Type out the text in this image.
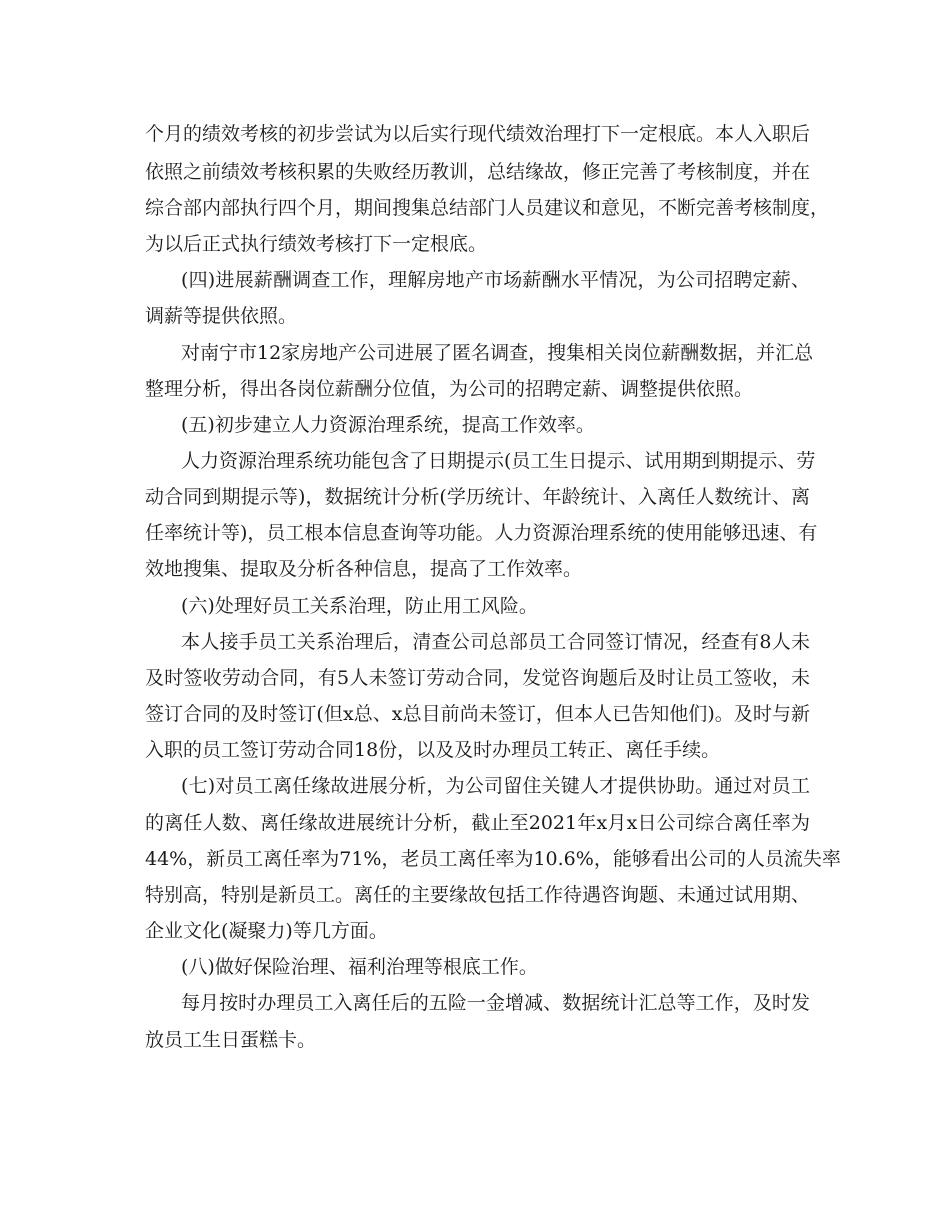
个月的绩效考核的初步尝试为以后实行现代绩效治理打下一定根底。本人入职后
依照之前绩效考核积累的失败经历教训，总结缘故，修正完善了考核制度，并在
综合部内部执行四个月，期间搜集总结部门人员建议和意见，不断完善考核制度，
为以后正式执行绩效考核打下一定根底。
(四)进展薪酬调查工作，理解房地产市场薪酬水平情况，为公司招聘定薪、
调薪等提供依照。
对南宁市12家房地产公司进展了匿名调查，搜集相关岗位薪酬数据，并汇总
整理分析，得出各岗位薪酬分位值，为公司的招聘定薪、调整提供依照。
(五)初步建立人力资源治理系统，提高工作效率。
人力资源治理系统功能包含了日期提示(员工生日提示、试用期到期提示、劳
动合同到期提示等)，数据统计分析(学历统计、年龄统计、入离任人数统计、离
任率统计等)，员工根本信息查询等功能。人力资源治理系统的使用能够迅速、有
效地搜集、提取及分析各种信息，提高了工作效率。
(六)处理好员工关系治理，防止用工风险。
本人接手员工关系治理后，清查公司总部员工合同签订情况，经查有8人未
及时签收劳动合同，有5人未签订劳动合同，发觉咨询题后及时让员工签收，未
签订合同的及时签订(但x总、x总目前尚未签订，但本人已告知他们)。及时与新
入职的员工签订劳动合同18份，以及及时办理员工转正、离任手续。
(七)对员工离任缘故进展分析，为公司留住关键人才提供协助。通过对员工
的离任人数、离任缘故进展统计分析，截止至2021年x月x日公司综合离任率为
44%，新员工离任率为71%，老员工离任率为10.6%，能够看出公司的人员流失率
特别高，特别是新员工。离任的主要缘故包括工作待遇咨询题、未通过试用期、
企业文化(凝聚力)等几方面。
(八)做好保险治理、福利治理等根底工作。
每月按时办理员工入离任后的五险一金增减、数据统计汇总等工作，及时发
放员工生日蛋糕卡。
